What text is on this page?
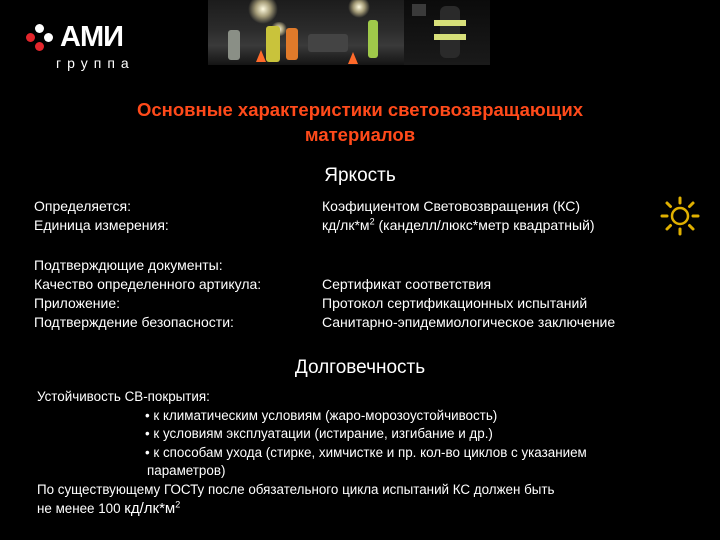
АМИ
группа
Основные характеристики световозвращающих
материалов
Яркость
Определяется:
Единица измерения:
Коэфициентом Световозвращения (КС)
$кд/лк*м^2$ (канделл/люкс*метр квадратный)
Подтверждющие документы:
Качество определенного артикула:
Приложение:
Подтверждение безопасности:
Сертификат соответствия
Протокол сертификационных испытаний
Санитарно-эпидемиологическое заключение
Долговечность
Устойчивость СВ-покрытия:
• к климатическим условиям (жаро-морозоустойчивость)
• к условиям эксплуатации (истирание, изгибание и др.)
• к способам ухода (стирке, химчистке и пр. кол-во циклов с указанием
параметров)
По существующему ГОСТу после обязательного цикла испытаний КС должен быть
не менее 100 $кд/лк*м^2$
